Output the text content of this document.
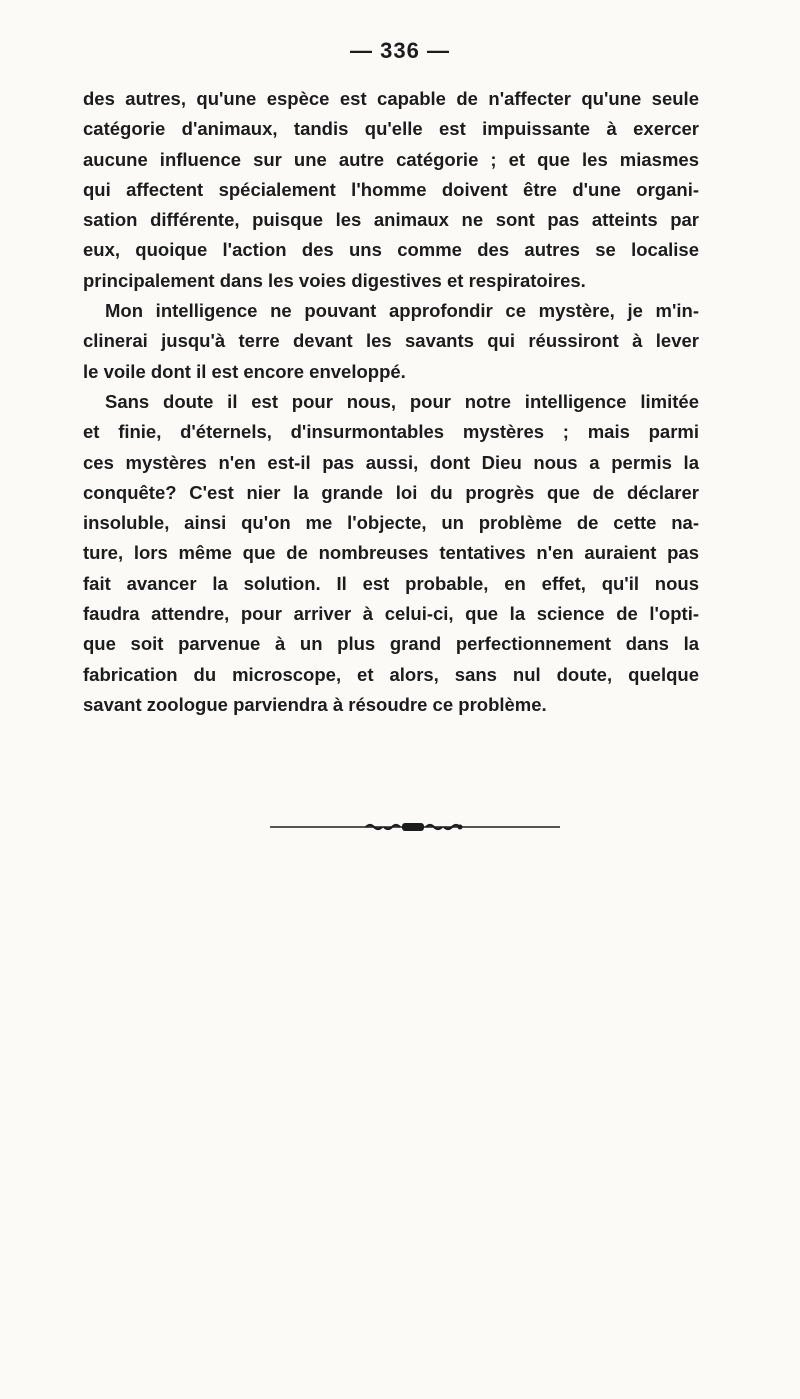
— 336 —
des autres, qu'une espèce est capable de n'affecter qu'une seule
catégorie d'animaux, tandis qu'elle est impuissante à exercer
aucune influence sur une autre catégorie ; et que les miasmes
qui affectent spécialement l'homme doivent être d'une organi-
sation différente, puisque les animaux ne sont pas atteints par
eux, quoique l'action des uns comme des autres se localise
principalement dans les voies digestives et respiratoires.
Mon intelligence ne pouvant approfondir ce mystère, je m'in-
clinerai jusqu'à terre devant les savants qui réussiront à lever
le voile dont il est encore enveloppé.
Sans doute il est pour nous, pour notre intelligence limitée
et finie, d'éternels, d'insurmontables mystères ; mais parmi
ces mystères n'en est-il pas aussi, dont Dieu nous a permis la
conquête? C'est nier la grande loi du progrès que de déclarer
insoluble, ainsi qu'on me l'objecte, un problème de cette na-
ture, lors même que de nombreuses tentatives n'en auraient pas
fait avancer la solution. Il est probable, en effet, qu'il nous
faudra attendre, pour arriver à celui-ci, que la science de l'opti-
que soit parvenue à un plus grand perfectionnement dans la
fabrication du microscope, et alors, sans nul doute, quelque
savant zoologue parviendra à résoudre ce problème.
